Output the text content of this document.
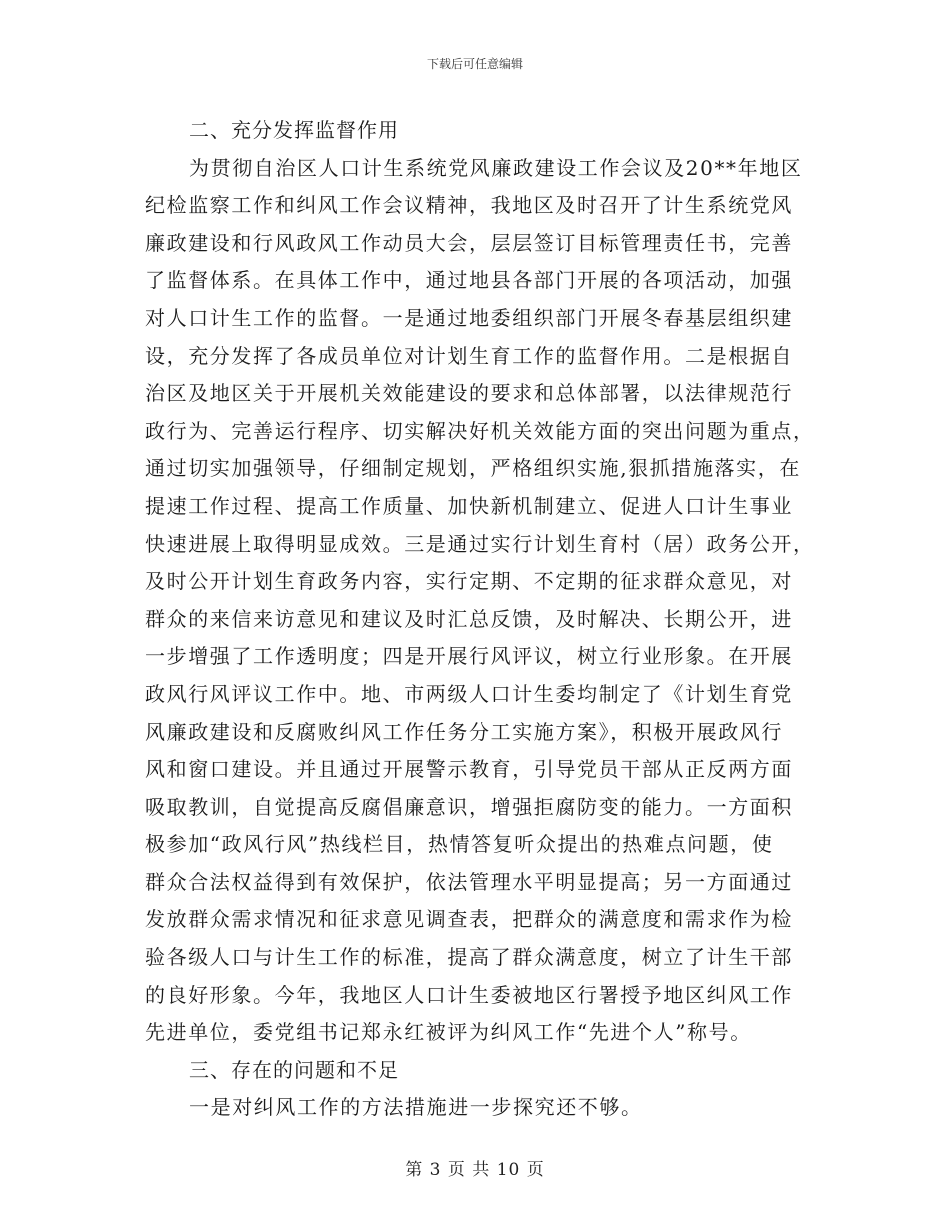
下载后可任意编辑
二、充分发挥监督作用
为贯彻自治区人口计生系统党风廉政建设工作会议及20**年地区
纪检监察工作和纠风工作会议精神，我地区及时召开了计生系统党风
廉政建设和行风政风工作动员大会，层层签订目标管理责任书，完善
了监督体系。在具体工作中，通过地县各部门开展的各项活动，加强
对人口计生工作的监督。一是通过地委组织部门开展冬春基层组织建
设，充分发挥了各成员单位对计划生育工作的监督作用。二是根据自
治区及地区关于开展机关效能建设的要求和总体部署，以法律规范行
政行为、完善运行程序、切实解决好机关效能方面的突出问题为重点，
通过切实加强领导，仔细制定规划，严格组织实施,狠抓措施落实，在
提速工作过程、提高工作质量、加快新机制建立、促进人口计生事业
快速进展上取得明显成效。三是通过实行计划生育村（居）政务公开，
及时公开计划生育政务内容，实行定期、不定期的征求群众意见，对
群众的来信来访意见和建议及时汇总反馈，及时解决、长期公开，进
一步增强了工作透明度；四是开展行风评议，树立行业形象。在开展
政风行风评议工作中。地、市两级人口计生委均制定了《计划生育党
风廉政建设和反腐败纠风工作任务分工实施方案》，积极开展政风行
风和窗口建设。并且通过开展警示教育，引导党员干部从正反两方面
吸取教训，自觉提高反腐倡廉意识，增强拒腐防变的能力。一方面积
极参加“政风行风”热线栏目，热情答复听众提出的热难点问题，使
群众合法权益得到有效保护，依法管理水平明显提高；另一方面通过
发放群众需求情况和征求意见调查表，把群众的满意度和需求作为检
验各级人口与计生工作的标准，提高了群众满意度，树立了计生干部
的良好形象。今年，我地区人口计生委被地区行署授予地区纠风工作
先进单位，委党组书记郑永红被评为纠风工作“先进个人”称号。
三、存在的问题和不足
一是对纠风工作的方法措施进一步探究还不够。
第 3 页 共 10 页
